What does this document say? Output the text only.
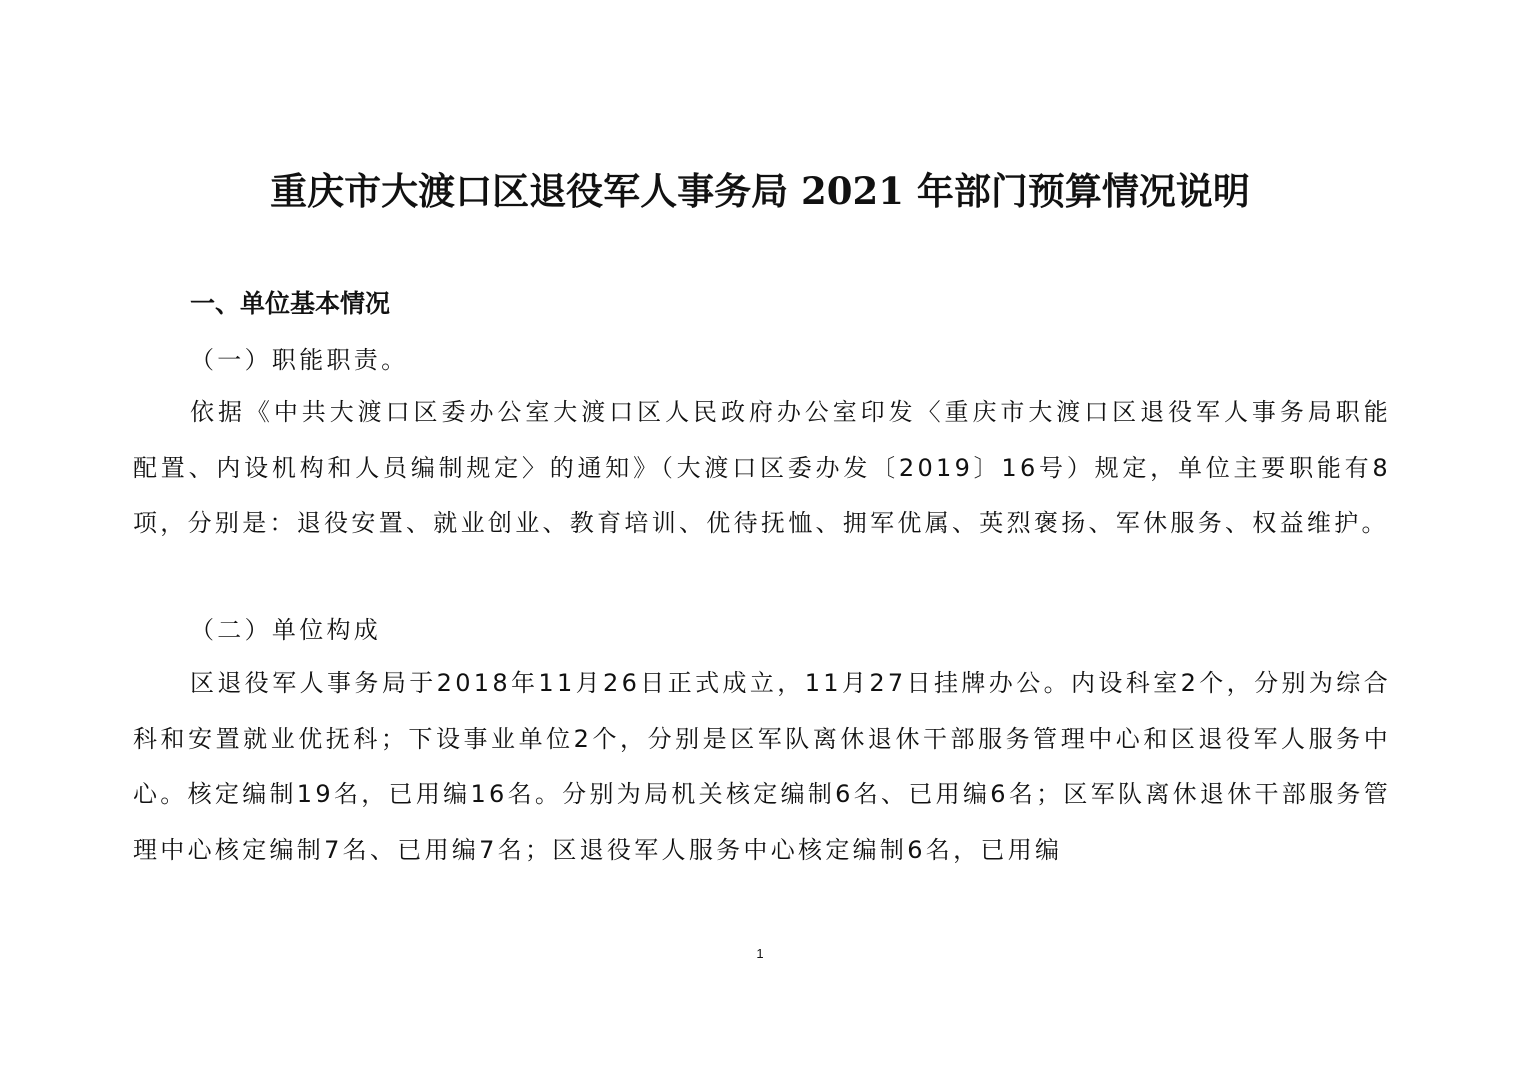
重庆市大渡口区退役军人事务局 2021 年部门预算情况说明
一、单位基本情况
（一）职能职责。
依据《中共大渡口区委办公室大渡口区人民政府办公室印发〈重庆市大渡口区退役军人事务局职能配置、内设机构和人员编制规定〉的通知》（大渡口区委办发〔2019〕16号）规定，单位主要职能有8项，分别是：退役安置、就业创业、教育培训、优待抚恤、拥军优属、英烈褒扬、军休服务、权益维护。
（二）单位构成
区退役军人事务局于2018年11月26日正式成立，11月27日挂牌办公。内设科室2个，分别为综合科和安置就业优抚科；下设事业单位2个，分别是区军队离休退休干部服务管理中心和区退役军人服务中心。核定编制19名，已用编16名。分别为局机关核定编制6名、已用编6名；区军队离休退休干部服务管理中心核定编制7名、已用编7名；区退役军人服务中心核定编制6名，已用编
1
